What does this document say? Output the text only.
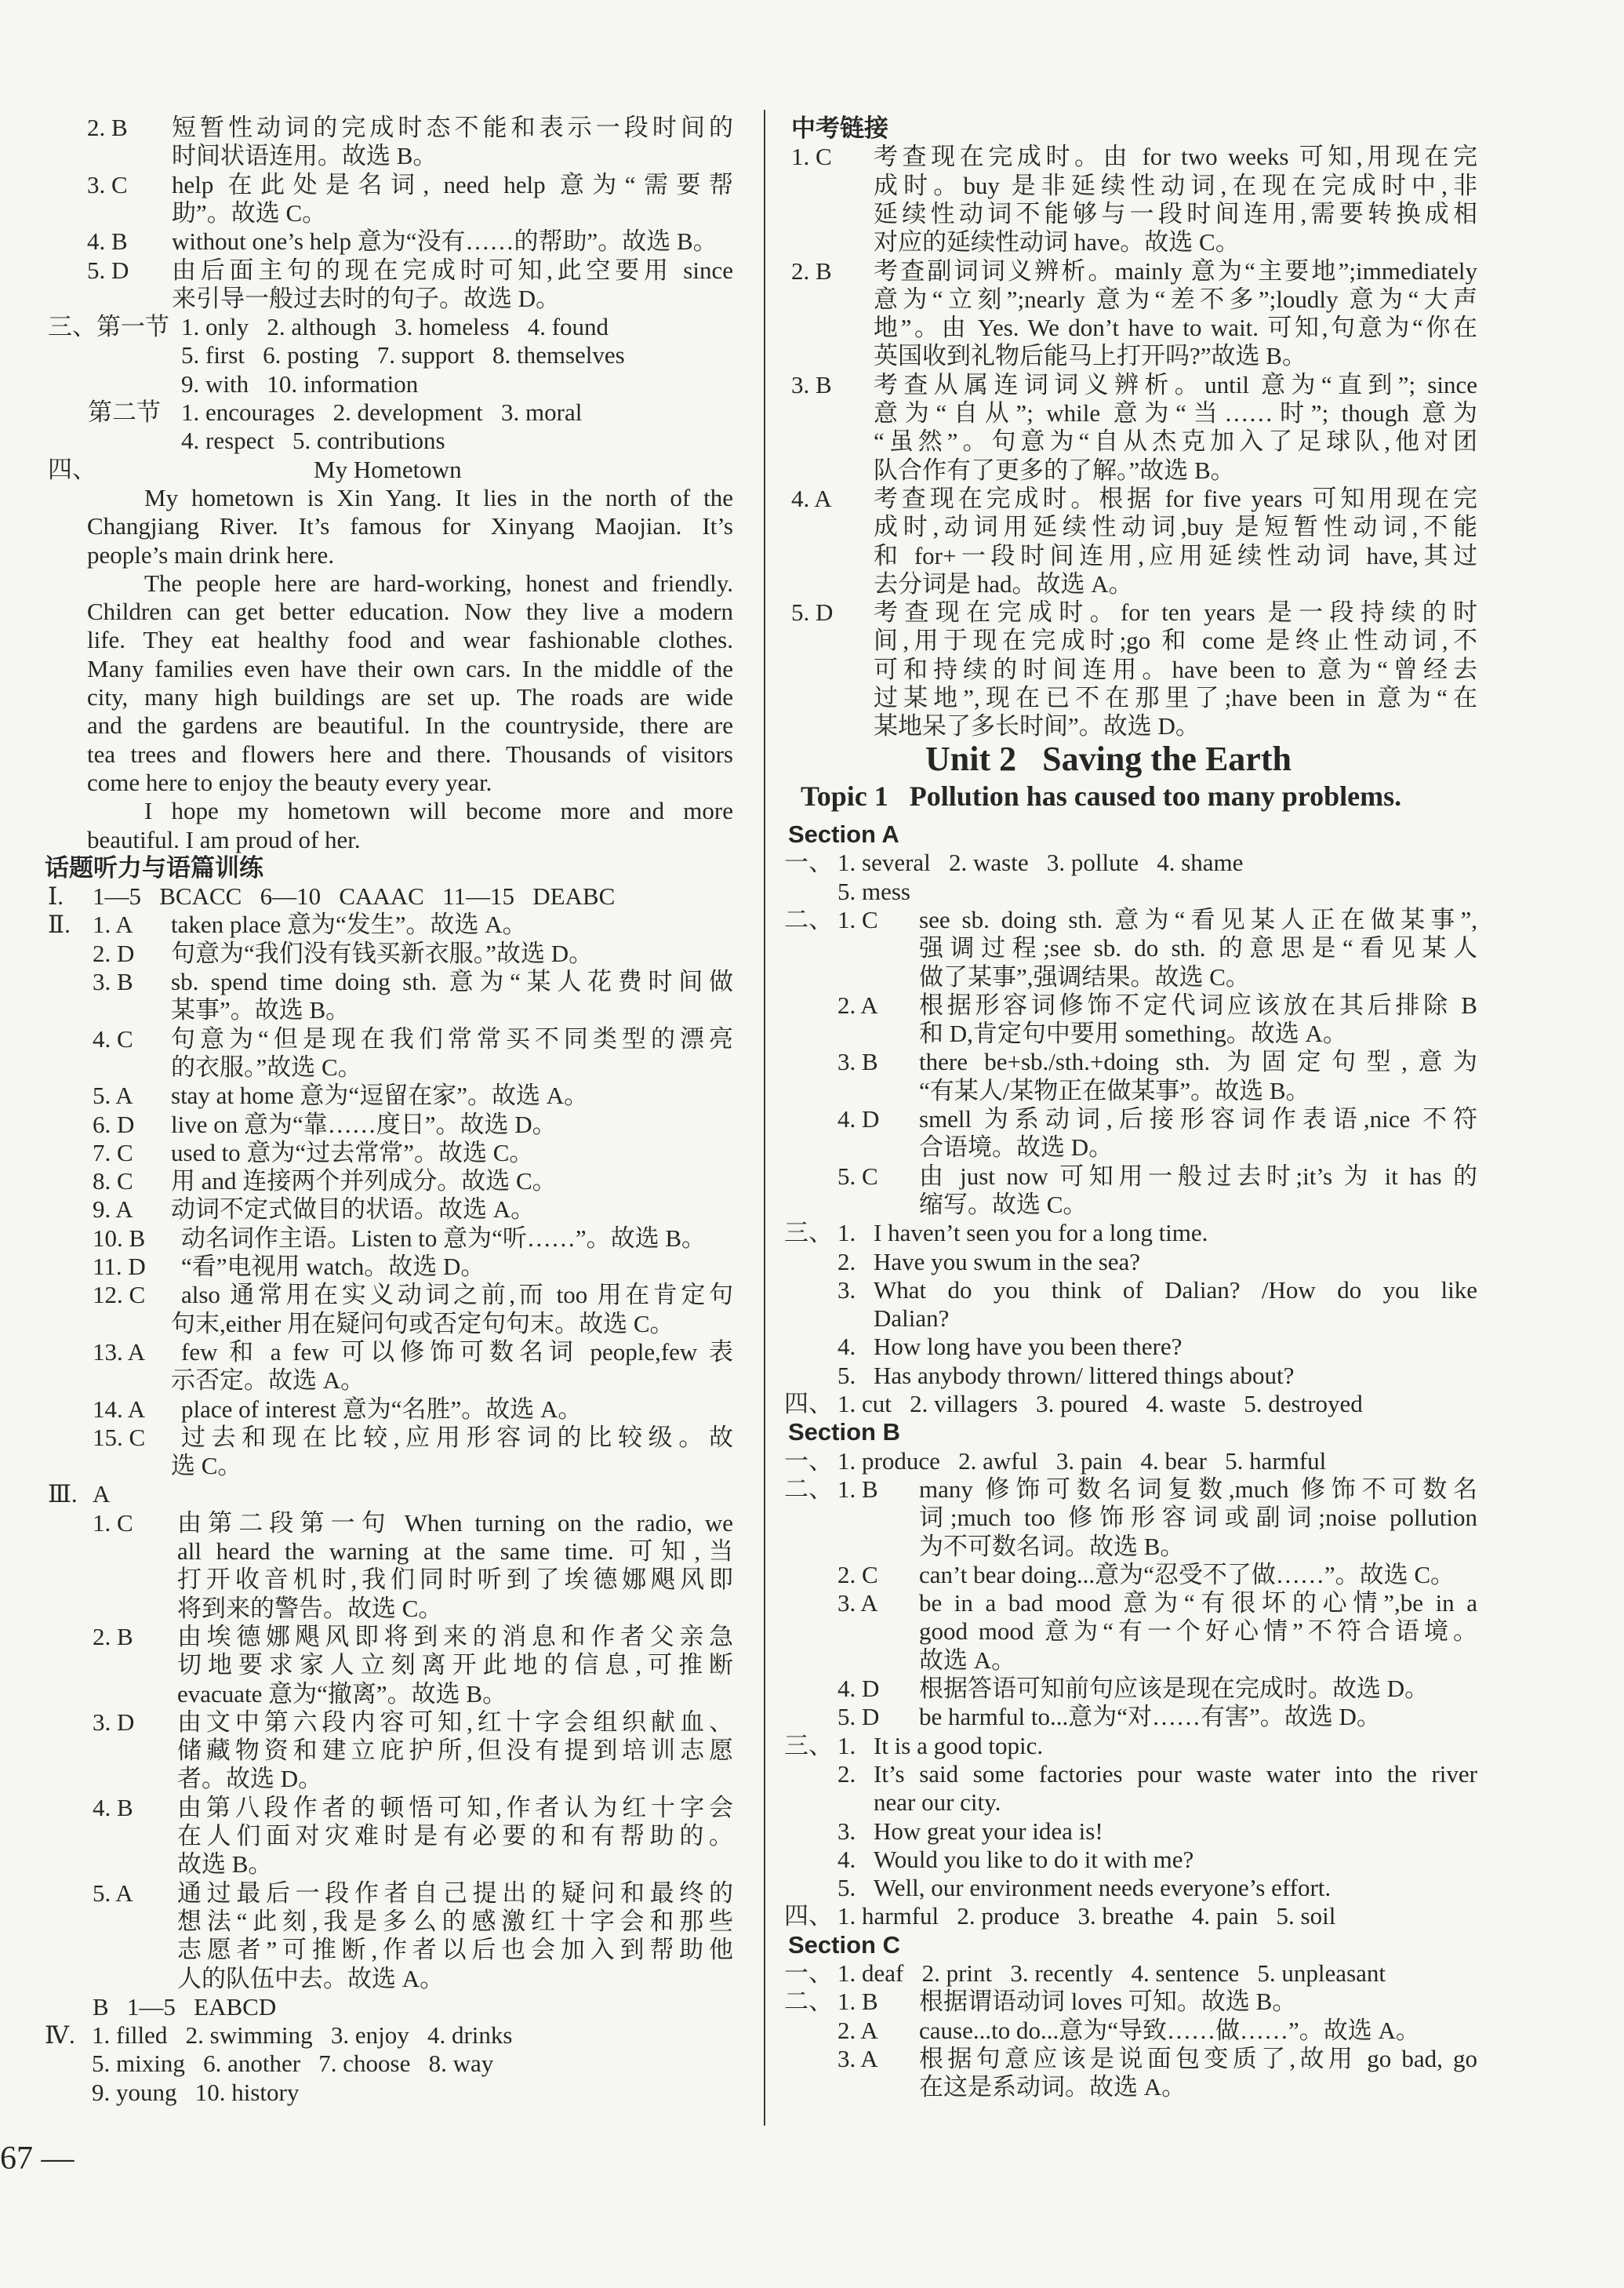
2. B 短暂性动词的完成时态不能和表示一段时间的
时间状语连用。故选 B。
3. C help 在此处是名词, need help 意为“需要帮
助”。故选 C。
4. B without one’s help 意为“没有……的帮助”。故选 B。
5. D 由后面主句的现在完成时可知,此空要用 since
来引导一般过去时的句子。故选 D。
三、第一节 1. only   2. although   3. homeless   4. found
5. first   6. posting   7. support   8. themselves
9. with   10. information
第二节 1. encourages   2. development   3. moral
4. respect   5. contributions
四、	My Hometown
My hometown is Xin Yang. It lies in the north of the
Changjiang River. It’s famous for Xinyang Maojian. It’s
people’s main drink here.
The people here are hard-working, honest and friendly.
Children can get better education. Now they live a modern
life. They eat healthy food and wear fashionable clothes.
Many families even have their own cars. In the middle of the
city, many high buildings are set up. The roads are wide
and the gardens are beautiful. In the countryside, there are
tea trees and flowers here and there. Thousands of visitors
come here to enjoy the beauty every year.
I hope my hometown will become more and more
beautiful. I am proud of her.
话题听力与语篇训练
Ⅰ. 1—5   BCACC   6—10   CAAAC   11—15   DEABC
Ⅱ. 1. A taken place 意为“发生”。故选 A。
2. D 句意为“我们没有钱买新衣服。”故选 D。
3. B sb. spend time doing sth. 意为“某人花费时间做
某事”。故选 B。
4. C 句意为“但是现在我们常常买不同类型的漂亮
的衣服。”故选 C。
5. A stay at home 意为“逗留在家”。故选 A。
6. D live on 意为“靠……度日”。故选 D。
7. C used to 意为“过去常常”。故选 C。
8. C 用 and 连接两个并列成分。故选 C。
9. A 动词不定式做目的状语。故选 A。
10. B 动名词作主语。Listen to 意为“听……”。故选 B。
11. D “看”电视用 watch。故选 D。
12. C also 通常用在实义动词之前,而 too 用在肯定句
句末,either 用在疑问句或否定句句末。故选 C。
13. A few 和 a few 可以修饰可数名词 people,few 表
示否定。故选 A。
14. A place of interest 意为“名胜”。故选 A。
15. C 过去和现在比较,应用形容词的比较级。故
选 C。
Ⅲ. A
1. C 由第二段第一句 When turning on the radio, we
all heard the warning at the same time. 可知,当
打开收音机时,我们同时听到了埃德娜飓风即
将到来的警告。故选 C。
2. B 由埃德娜飓风即将到来的消息和作者父亲急
切地要求家人立刻离开此地的信息,可推断
evacuate 意为“撤离”。故选 B。
3. D 由文中第六段内容可知,红十字会组织献血、
储藏物资和建立庇护所,但没有提到培训志愿
者。故选 D。
4. B 由第八段作者的顿悟可知,作者认为红十字会
在人们面对灾难时是有必要的和有帮助的。
故选 B。
5. A 通过最后一段作者自己提出的疑问和最终的
想法“此刻,我是多么的感激红十字会和那些
志愿者”可推断,作者以后也会加入到帮助他
人的队伍中去。故选 A。
B   1—5   EABCD
Ⅳ. 1. filled   2. swimming   3. enjoy   4. drinks
5. mixing   6. another   7. choose   8. way
9. young   10. history
中考链接
1. C 考查现在完成时。由 for two weeks 可知,用现在完
成时。buy 是非延续性动词,在现在完成时中,非
延续性动词不能够与一段时间连用,需要转换成相
对应的延续性动词 have。故选 C。
2. B 考查副词词义辨析。mainly 意为“主要地”;immediately
意为“立刻”;nearly 意为“差不多”;loudly 意为“大声
地”。由 Yes. We don’t have to wait. 可知,句意为“你在
英国收到礼物后能马上打开吗?”故选 B。
3. B 考查从属连词词义辨析。until 意为“直到”; since
意为“自从”; while 意为“当……时”; though 意为
“虽然”。句意为“自从杰克加入了足球队,他对团
队合作有了更多的了解。”故选 B。
4. A 考查现在完成时。根据 for five years 可知用现在完
成时,动词用延续性动词,buy 是短暂性动词,不能
和 for+一段时间连用,应用延续性动词 have,其过
去分词是 had。故选 A。
5. D 考查现在完成时。for ten years 是一段持续的时
间,用于现在完成时;go 和 come 是终止性动词,不
可和持续的时间连用。have been to 意为“曾经去
过某地”,现在已不在那里了;have been in 意为“在
某地呆了多长时间”。故选 D。
Unit 2 Saving the Earth
Topic 1 Pollution has caused too many problems.
Section A
一、 1. several   2. waste   3. pollute   4. shame
5. mess
二、 1. C see sb. doing sth. 意为“看见某人正在做某事”,
强调过程;see sb. do sth. 的意思是“看见某人
做了某事”,强调结果。故选 C。
2. A 根据形容词修饰不定代词应该放在其后排除 B
和 D,肯定句中要用 something。故选 A。
3. B there be+sb./sth.+doing sth. 为固定句型,意为
“有某人/某物正在做某事”。故选 B。
4. D smell 为系动词,后接形容词作表语,nice 不符
合语境。故选 D。
5. C 由 just now 可知用一般过去时;it’s 为 it has 的
缩写。故选 C。
三、 1. I haven’t seen you for a long time.
2. Have you swum in the sea?
3. What do you think of Dalian? /How do you like
Dalian?
4. How long have you been there?
5. Has anybody thrown/ littered things about?
四、 1. cut   2. villagers   3. poured   4. waste   5. destroyed
Section B
一、 1. produce   2. awful   3. pain   4. bear   5. harmful
二、 1. B many 修饰可数名词复数,much 修饰不可数名
词;much too 修饰形容词或副词;noise pollution
为不可数名词。故选 B。
2. C can’t bear doing...意为“忍受不了做……”。故选 C。
3. A be in a bad mood 意为“有很坏的心情”,be in a
good mood 意为“有一个好心情”不符合语境。
故选 A。
4. D 根据答语可知前句应该是现在完成时。故选 D。
5. D be harmful to...意为“对……有害”。故选 D。
三、 1. It is a good topic.
2. It’s said some factories pour waste water into the river
near our city.
3. How great your idea is!
4. Would you like to do it with me?
5. Well, our environment needs everyone’s effort.
四、 1. harmful   2. produce   3. breathe   4. pain   5. soil
Section C
一、 1. deaf   2. print   3. recently   4. sentence   5. unpleasant
二、 1. B 根据谓语动词 loves 可知。故选 B。
2. A cause...to do...意为“导致……做……”。故选 A。
3. A 根据句意应该是说面包变质了,故用 go bad, go
在这是系动词。故选 A。
67 —
